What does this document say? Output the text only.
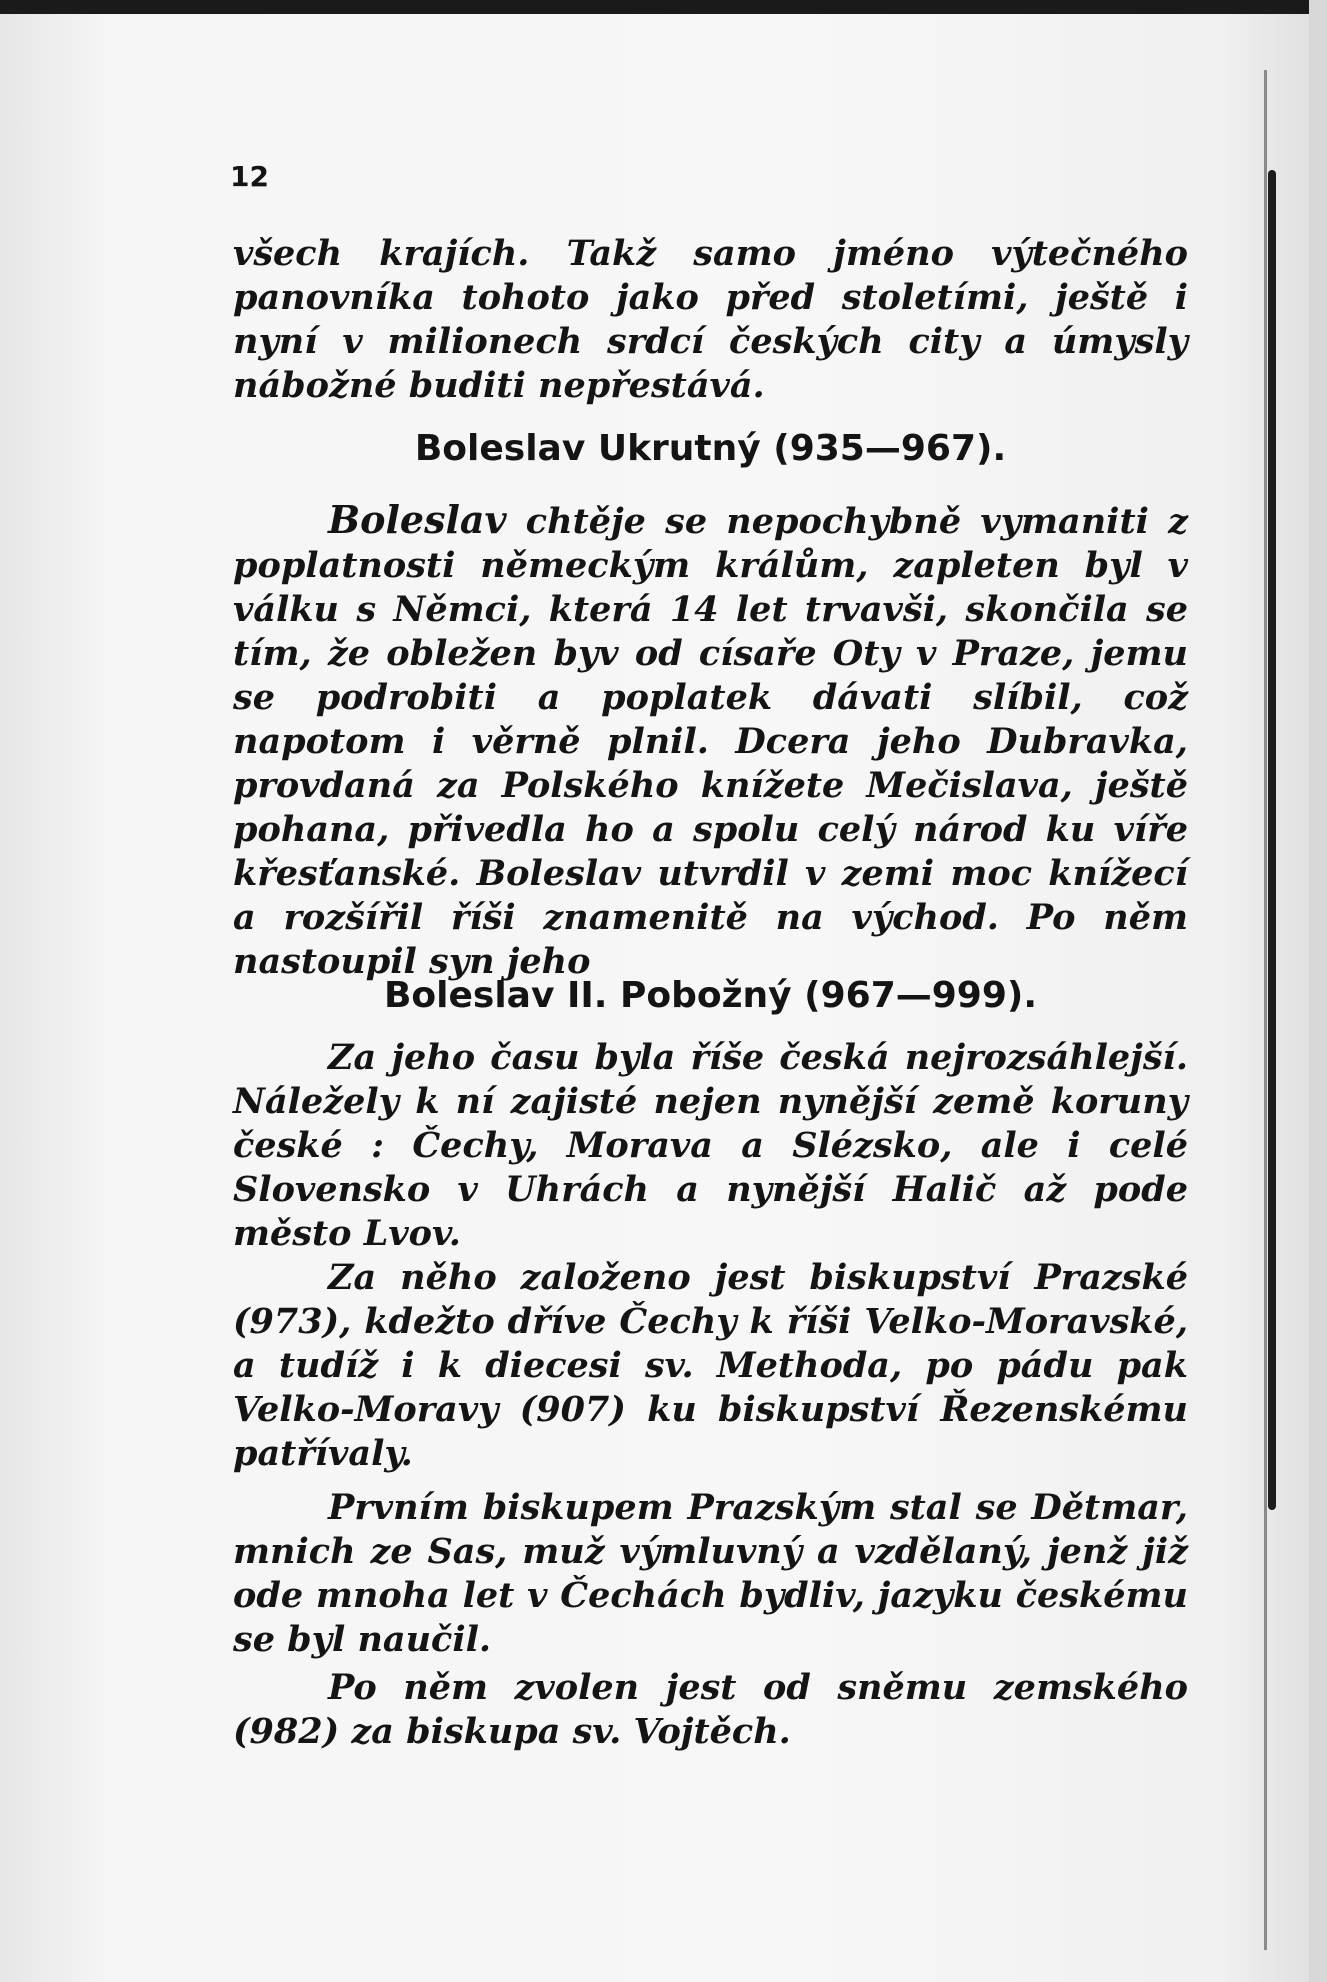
12

všech krajích. Takž samo jméno výtečného panovníka tohoto jako před stoletími, ještě i nyní v milionech srdcí českých city a úmysly nábožné buditi nepřestává.

Boleslav Ukrutný (935—967).

Boleslav chtěje se nepochybně vymaniti z poplatnosti německým králům, zapleten byl v válku s Němci, která 14 let trvavši, skončila se tím, že obležen byv od císaře Oty v Praze, jemu se podrobiti a poplatek dávati slíbil, což napotom i věrně plnil. Dcera jeho Dubravka, provdaná za Polského knížete Mečislava, ještě pohana, přivedla ho a spolu celý národ ku víře křesťanské. Boleslav utvrdil v zemi moc knížecí a rozšířil říši znamenitě na východ. Po něm nastoupil syn jeho

Boleslav II. Pobožný (967—999).

Za jeho času byla říše česká nejrozsáhlejší. Náležely k ní zajisté nejen nynější země koruny české : Čechy, Morava a Slézsko, ale i celé Slovensko v Uhrách a nynější Halič až pode město Lvov.

Za něho založeno jest biskupství Prazské (973), kdežto dříve Čechy k říši Velko-Moravské, a tudíž i k diecesi sv. Methoda, po pádu pak Velko-Moravy (907) ku biskupství Řezenskému patřívaly.

Prvním biskupem Prazským stal se Dětmar, mnich ze Sas, muž výmluvný a vzdělaný, jenž již ode mnoha let v Čechách bydliv, jazyku českému se byl naučil.

Po něm zvolen jest od sněmu zemského (982) za biskupa sv. Vojtěch.
